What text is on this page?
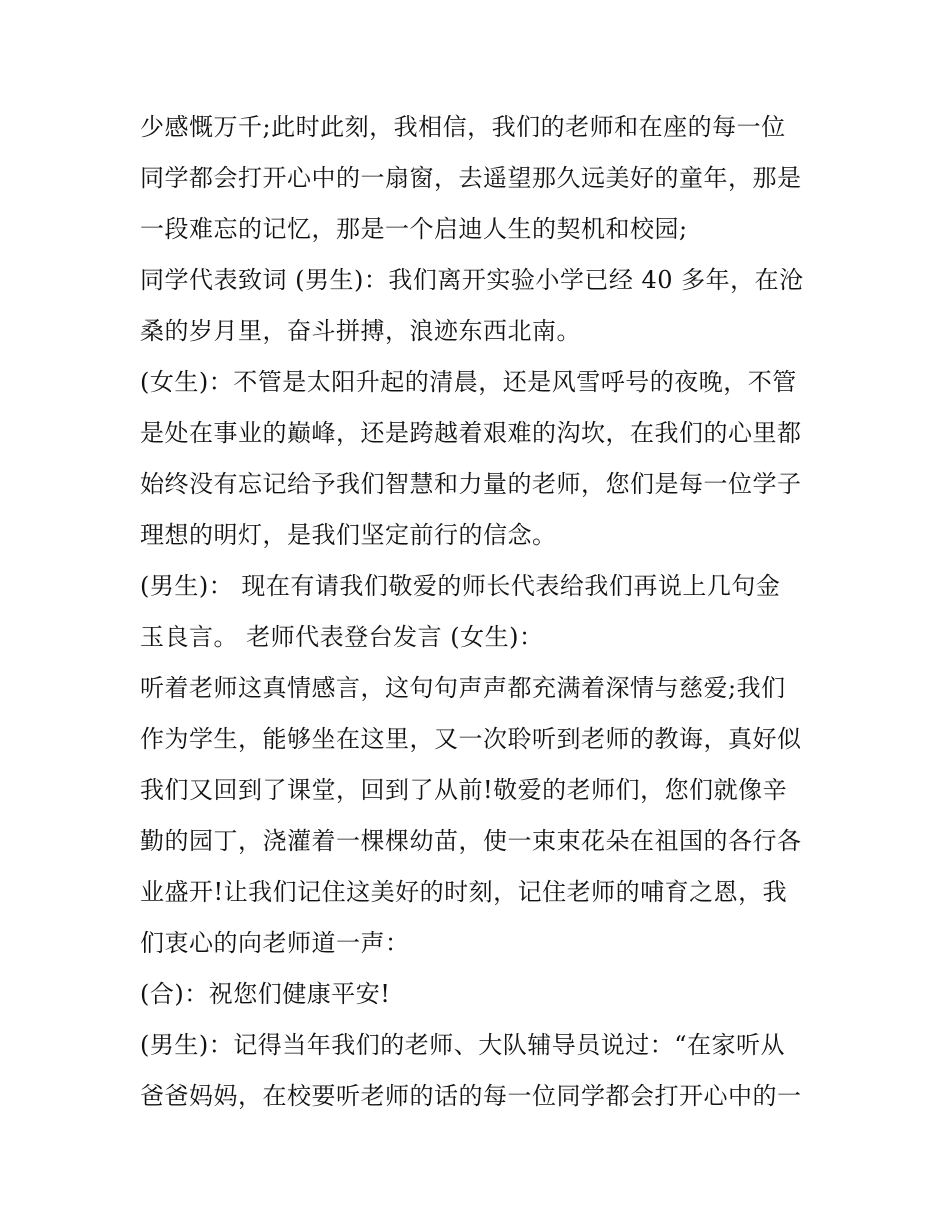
少感慨万千;此时此刻，我相信，我们的老师和在座的每一位
同学都会打开心中的一扇窗，去遥望那久远美好的童年，那是
一段难忘的记忆，那是一个启迪人生的契机和校园;
同学代表致词 (男生)：我们离开实验小学已经 40 多年，在沧
桑的岁月里，奋斗拼搏，浪迹东西北南。
(女生)：不管是太阳升起的清晨，还是风雪呼号的夜晚，不管
是处在事业的巅峰，还是跨越着艰难的沟坎，在我们的心里都
始终没有忘记给予我们智慧和力量的老师，您们是每一位学子
理想的明灯，是我们坚定前行的信念。
(男生)： 现在有请我们敬爱的师长代表给我们再说上几句金
玉良言。 老师代表登台发言 (女生)：
听着老师这真情感言，这句句声声都充满着深情与慈爱;我们
作为学生，能够坐在这里，又一次聆听到老师的教诲，真好似
我们又回到了课堂，回到了从前!敬爱的老师们，您们就像辛
勤的园丁，浇灌着一棵棵幼苗，使一束束花朵在祖国的各行各
业盛开!让我们记住这美好的时刻，记住老师的哺育之恩，我
们衷心的向老师道一声：
(合)：祝您们健康平安!
(男生)：记得当年我们的老师、大队辅导员说过：“在家听从
爸爸妈妈，在校要听老师的话的每一位同学都会打开心中的一
